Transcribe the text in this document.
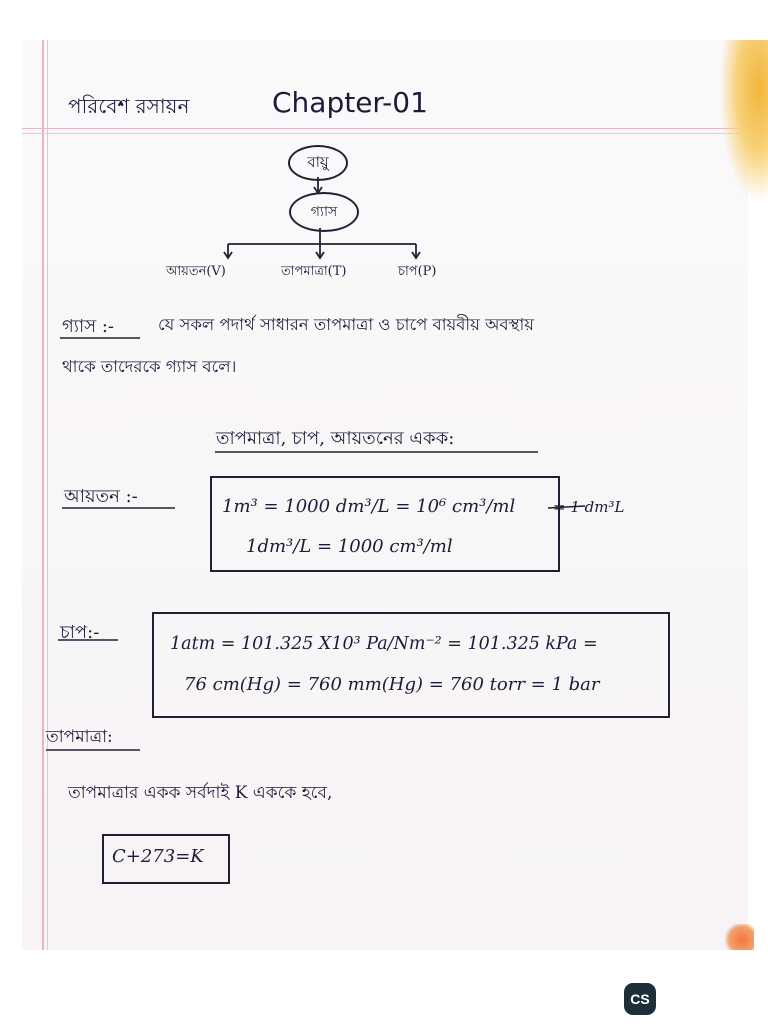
পরিবেশ রসায়ন	Chapter-01
বায়ু
গ্যাস
আয়তন(V)	তাপমাত্রা(T)	চাপ(P)
গ্যাস :-	যে সকল পদার্থ সাধারন তাপমাত্রা ও চাপে বায়বীয় অবস্থায়
থাকে তাদেরকে গ্যাস বলে।
তাপমাত্রা, চাপ, আয়তনের একক:
আয়তন :-	1m³ = 1000 dm³/L = 10⁶ cm³/ml	= 1 dm³L
1dm³/L = 1000 cm³/ml
চাপ:-
1atm = 101.325 X10³ Pa/Nm⁻² = 101.325 kPa =
76 cm(Hg) = 760 mm(Hg) = 760 torr = 1 bar
তাপমাত্রা:
তাপমাত্রার একক সর্বদাই K এককে হবে,
C+273=K
CS
